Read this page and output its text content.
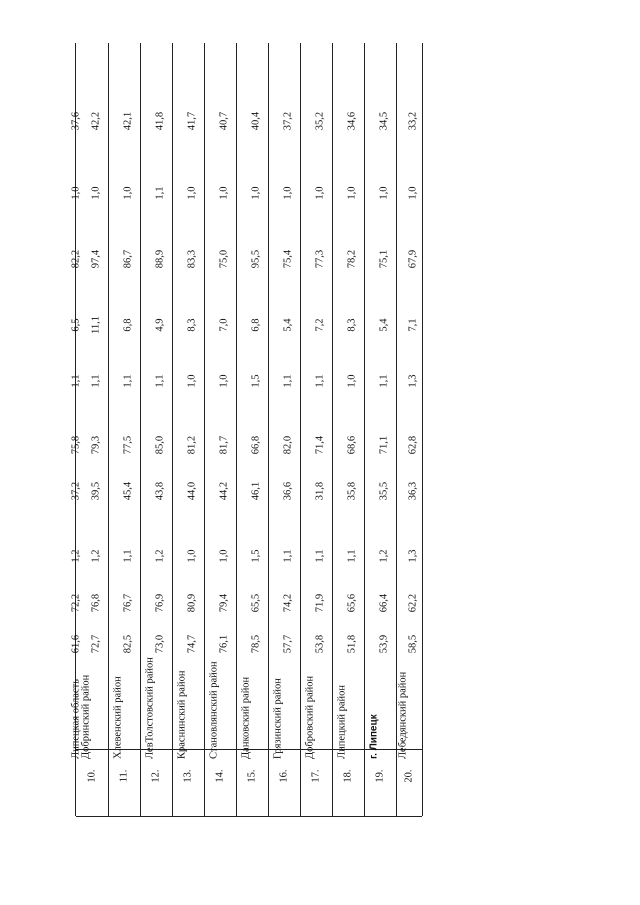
72,7
76,8
1,2
39,5
79,3
1,1
11,1
97,4
1,0
42,2
Добринский район
10.
82,5
76,7
1,1
45,4
77,5
1,1
6,8
86,7
1,0
42,1
Хлевенский район
11.
73,0
76,9
1,2
43,8
85,0
1,1
4,9
88,9
1,1
41,8
ЛевТолстовский район
12.
74,7
80,9
1,0
44,0
81,2
1,0
8,3
83,3
1,0
41,7
Краснинский район
13.
76,1
79,4
1,0
44,2
81,7
1,0
7,0
75,0
1,0
40,7
Становлянский район
14.
78,5
65,5
1,5
46,1
66,8
1,5
6,8
95,5
1,0
40,4
Данковский район
15.
57,7
74,2
1,1
36,6
82,0
1,1
5,4
75,4
1,0
37,2
Грязинский район
16.
53,8
71,9
1,1
31,8
71,4
1,1
7,2
77,3
1,0
35,2
Добровский район
17.
51,8
65,6
1,1
35,8
68,6
1,0
8,3
78,2
1,0
34,6
Липецкий район
18.
53,9
66,4
1,2
35,5
71,1
1,1
5,4
75,1
1,0
34,5
г. Липецк
19.
58,5
62,2
1,3
36,3
62,8
1,3
7,1
67,9
1,0
33,2
Лебедянский район
20.
61,6
72,2
1,2
37,2
75,8
1,1
6,5
82,2
1,0
37,6
Липецкая область
